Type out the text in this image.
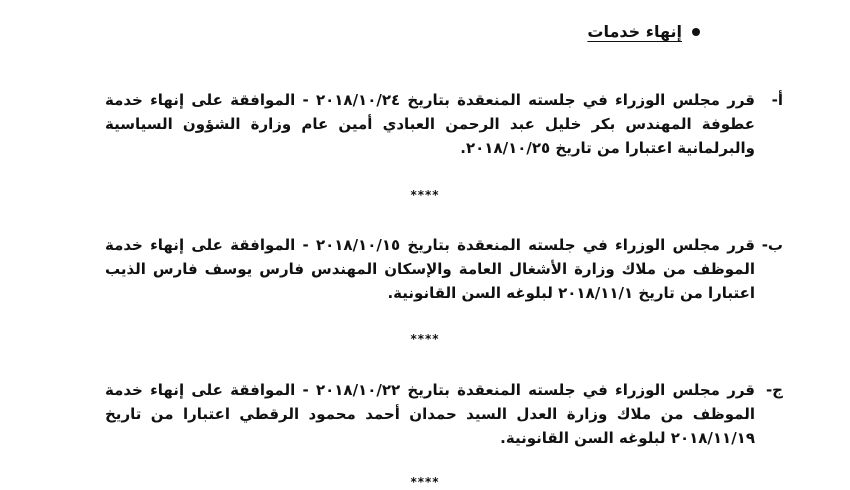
إنهاء خدمات
أ-
قرر مجلس الوزراء في جلسته المنعقدة بتاريخ ٢٠١٨/١٠/٢٤ - الموافقة على إنهاء خدمة عطوفة المهندس بكر خليل عبد الرحمن العبادي أمين عام وزارة الشؤون السياسية والبرلمانية اعتبارا من تاريخ ٢٠١٨/١٠/٢٥.
****
ب-
قرر مجلس الوزراء في جلسته المنعقدة بتاريخ ٢٠١٨/١٠/١٥ - الموافقة على إنهاء خدمة الموظف من ملاك وزارة الأشغال العامة والإسكان المهندس فارس يوسف فارس الذيب اعتبارا من تاريخ ٢٠١٨/١١/١ لبلوغه السن القانونية.
****
ج-
قرر مجلس الوزراء في جلسته المنعقدة بتاريخ ٢٠١٨/١٠/٢٢ - الموافقة على إنهاء خدمة الموظف من ملاك وزارة العدل السيد حمدان أحمد محمود الرقطي اعتبارا من تاريخ ٢٠١٨/١١/١٩ لبلوغه السن القانونية.
****
